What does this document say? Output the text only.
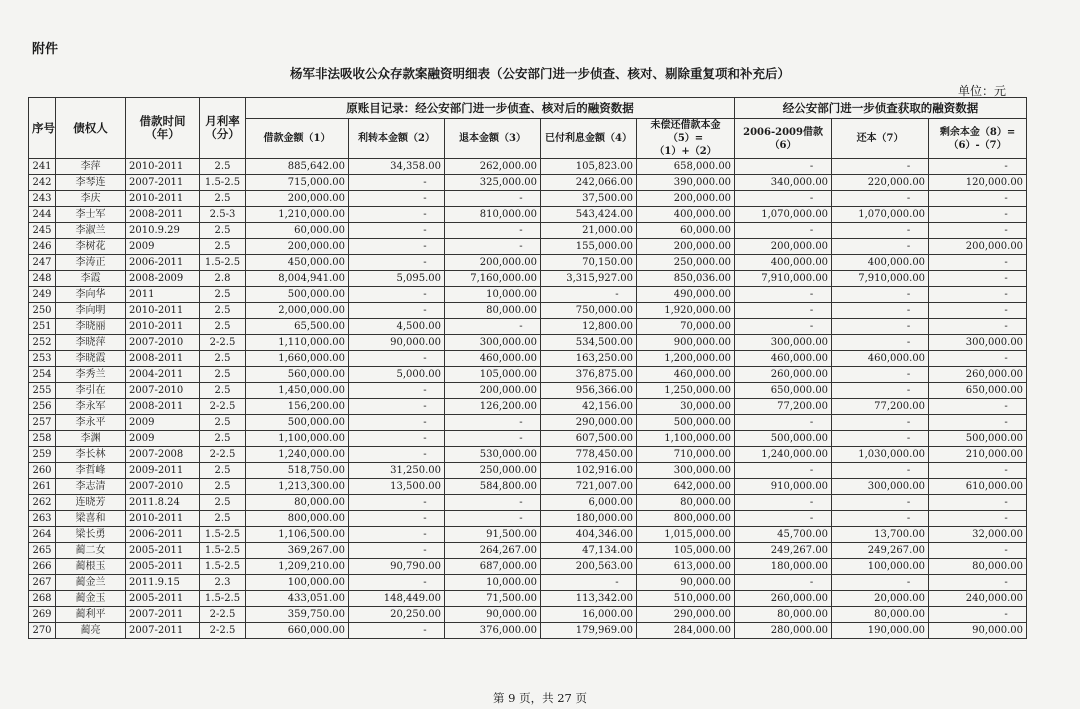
附件
杨军非法吸收公众存款案融资明细表（公安部门进一步侦查、核对、剔除重复项和补充后）
单位：元
序号	债权人	借款时间（年）	月利率（分）	原账目记录：经公安部门进一步侦查、核对后的融资数据					经公安部门进一步侦查获取的融资数据		
				借款金额（1）	利转本金额（2）	退本金额（3）	已付利息金额（4）	未偿还借款本金（5）=（1）+（2）	2006-2009借款（6）	还本（7）	剩余本金（8）=（6）-（7）
241	李萍	2010-2011	2.5	885,642.00	34,358.00	262,000.00	105,823.00	658,000.00	-	-	-
242	李琴连	2007-2011	1.5-2.5	715,000.00	-	325,000.00	242,066.00	390,000.00	340,000.00	220,000.00	120,000.00
243	李庆	2010-2011	2.5	200,000.00	-	-	37,500.00	200,000.00	-	-	-
244	李士军	2008-2011	2.5-3	1,210,000.00	-	810,000.00	543,424.00	400,000.00	1,070,000.00	1,070,000.00	-
245	李淑兰	2010.9.29	2.5	60,000.00	-	-	21,000.00	60,000.00	-	-	-
246	李树花	2009	2.5	200,000.00	-	-	155,000.00	200,000.00	200,000.00	-	200,000.00
247	李涛正	2006-2011	1.5-2.5	450,000.00	-	200,000.00	70,150.00	250,000.00	400,000.00	400,000.00	-
248	李霞	2008-2009	2.8	8,004,941.00	5,095.00	7,160,000.00	3,315,927.00	850,036.00	7,910,000.00	7,910,000.00	-
249	李向华	2011	2.5	500,000.00	-	10,000.00	-	490,000.00	-	-	-
250	李向明	2010-2011	2.5	2,000,000.00	-	80,000.00	750,000.00	1,920,000.00	-	-	-
251	李晓丽	2010-2011	2.5	65,500.00	4,500.00	-	12,800.00	70,000.00	-	-	-
252	李晓萍	2007-2010	2-2.5	1,110,000.00	90,000.00	300,000.00	534,500.00	900,000.00	300,000.00	-	300,000.00
253	李晓霞	2008-2011	2.5	1,660,000.00	-	460,000.00	163,250.00	1,200,000.00	460,000.00	460,000.00	-
254	李秀兰	2004-2011	2.5	560,000.00	5,000.00	105,000.00	376,875.00	460,000.00	260,000.00	-	260,000.00
255	李引在	2007-2010	2.5	1,450,000.00	-	200,000.00	956,366.00	1,250,000.00	650,000.00	-	650,000.00
256	李永军	2008-2011	2-2.5	156,200.00	-	126,200.00	42,156.00	30,000.00	77,200.00	77,200.00	-
257	李永平	2009	2.5	500,000.00	-	-	290,000.00	500,000.00	-	-	-
258	李渊	2009	2.5	1,100,000.00	-	-	607,500.00	1,100,000.00	500,000.00	-	500,000.00
259	李长林	2007-2008	2-2.5	1,240,000.00	-	530,000.00	778,450.00	710,000.00	1,240,000.00	1,030,000.00	210,000.00
260	李哲峰	2009-2011	2.5	518,750.00	31,250.00	250,000.00	102,916.00	300,000.00	-	-	-
261	李志清	2007-2010	2.5	1,213,300.00	13,500.00	584,800.00	721,007.00	642,000.00	910,000.00	300,000.00	610,000.00
262	连晓芳	2011.8.24	2.5	80,000.00	-	-	6,000.00	80,000.00	-	-	-
263	梁喜和	2010-2011	2.5	800,000.00	-	-	180,000.00	800,000.00	-	-	-
264	梁长勇	2006-2011	1.5-2.5	1,106,500.00	-	91,500.00	404,346.00	1,015,000.00	45,700.00	13,700.00	32,000.00
265	蔺二女	2005-2011	1.5-2.5	369,267.00	-	264,267.00	47,134.00	105,000.00	249,267.00	249,267.00	-
266	蔺根玉	2005-2011	1.5-2.5	1,209,210.00	90,790.00	687,000.00	200,563.00	613,000.00	180,000.00	100,000.00	80,000.00
267	蔺金兰	2011.9.15	2.3	100,000.00	-	10,000.00	-	90,000.00	-	-	-
268	蔺金玉	2005-2011	1.5-2.5	433,051.00	148,449.00	71,500.00	113,342.00	510,000.00	260,000.00	20,000.00	240,000.00
269	蔺利平	2007-2011	2-2.5	359,750.00	20,250.00	90,000.00	16,000.00	290,000.00	80,000.00	80,000.00	-
270	蔺亮	2007-2011	2-2.5	660,000.00	-	376,000.00	179,969.00	284,000.00	280,000.00	190,000.00	90,000.00
第 9 页，共 27 页
